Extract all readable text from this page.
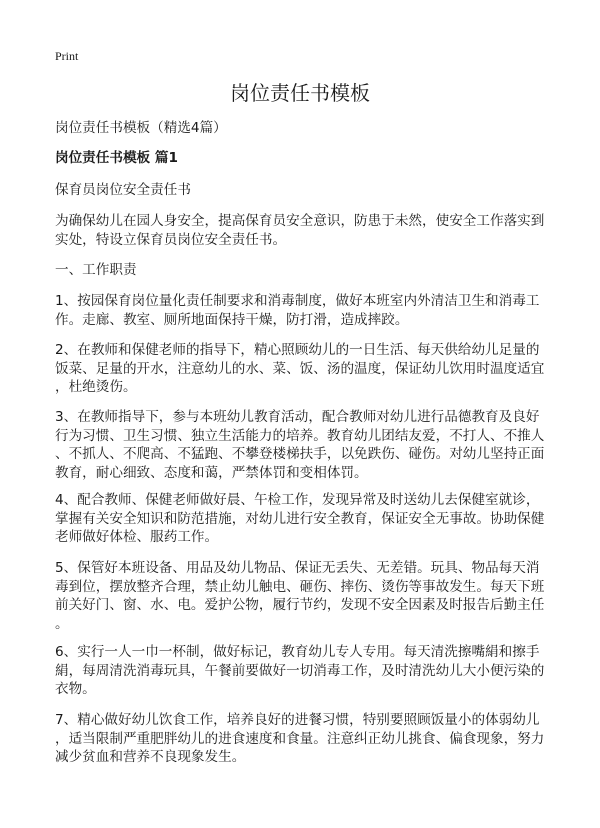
Print
岗位责任书模板
岗位责任书模板（精选4篇）
岗位责任书模板 篇1
保育员岗位安全责任书
为确保幼儿在园人身安全，提高保育员安全意识，防患于未然，使安全工作落实到
实处，特设立保育员岗位安全责任书。
一、工作职责
1、按园保育岗位量化责任制要求和消毒制度，做好本班室内外清洁卫生和消毒工
作。走廊、教室、厕所地面保持干燥，防打滑，造成摔跤。
2、在教师和保健老师的指导下，精心照顾幼儿的一日生活、每天供给幼儿足量的
饭菜、足量的开水，注意幼儿的水、菜、饭、汤的温度，保证幼儿饮用时温度适宜
，杜绝烫伤。
3、在教师指导下，参与本班幼儿教育活动，配合教师对幼儿进行品德教育及良好
行为习惯、卫生习惯、独立生活能力的培养。教育幼儿团结友爱，不打人、不推人
、不抓人、不爬高、不猛跑、不攀登楼梯扶手，以免跌伤、碰伤。对幼儿坚持正面
教育，耐心细致、态度和蔼，严禁体罚和变相体罚。
4、配合教师、保健老师做好晨、午检工作，发现异常及时送幼儿去保健室就诊，
掌握有关安全知识和防范措施，对幼儿进行安全教育，保证安全无事故。协助保健
老师做好体检、服药工作。
5、保管好本班设备、用品及幼儿物品、保证无丢失、无差错。玩具、物品每天消
毒到位，摆放整齐合理，禁止幼儿触电、砸伤、摔伤、烫伤等事故发生。每天下班
前关好门、窗、水、电。爱护公物，履行节约，发现不安全因素及时报告后勤主任
。
6、实行一人一巾一杯制，做好标记，教育幼儿专人专用。每天清洗擦嘴絹和擦手
絹，每周清洗消毒玩具，午餐前要做好一切消毒工作，及时清洗幼儿大小便污染的
衣物。
7、精心做好幼儿饮食工作，培养良好的进餐习惯，特别要照顾饭量小的体弱幼儿
，适当限制严重肥胖幼儿的进食速度和食量。注意纠正幼儿挑食、偏食现象，努力
减少贫血和营养不良现象发生。
